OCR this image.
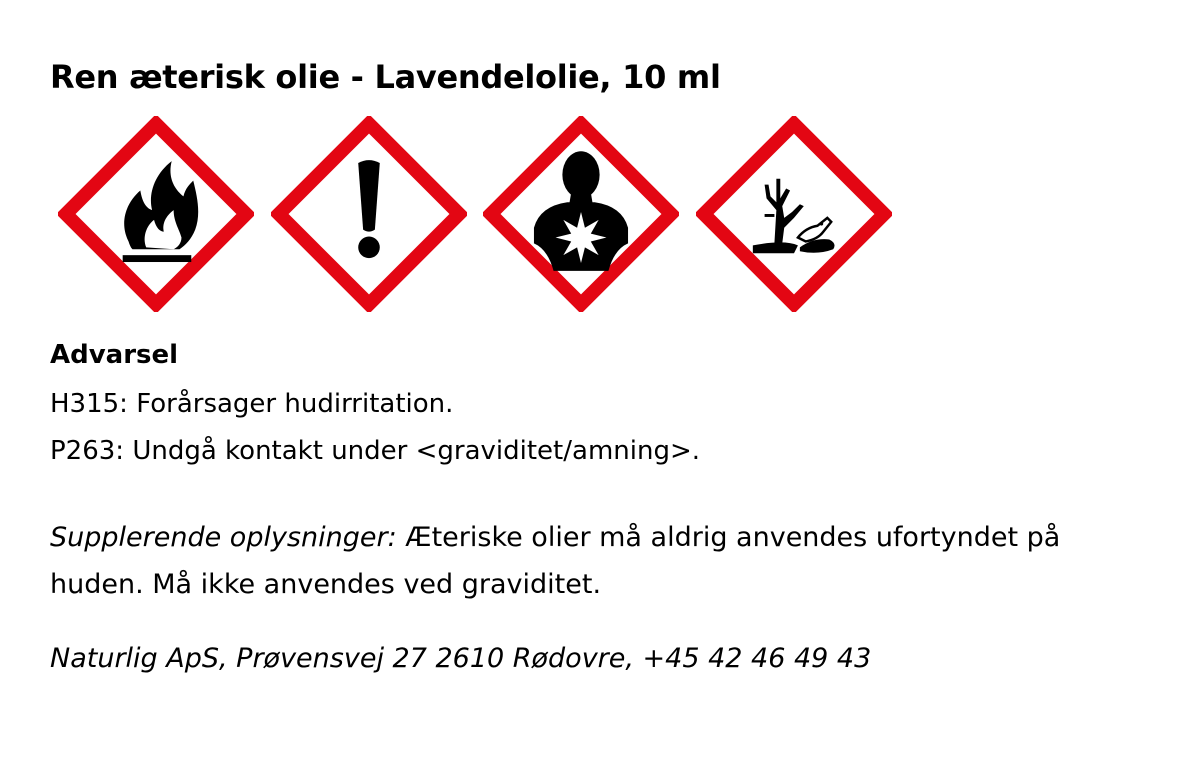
Ren æterisk olie - Lavendelolie, 10 ml
Advarsel
H315: Forårsager hudirritation.
P263: Undgå kontakt under <graviditet/amning>.
Supplerende oplysninger: Æteriske olier må aldrig anvendes ufortyndet på huden. Må ikke anvendes ved graviditet.
Naturlig ApS, Prøvensvej 27 2610 Rødovre, +45 42 46 49 43
